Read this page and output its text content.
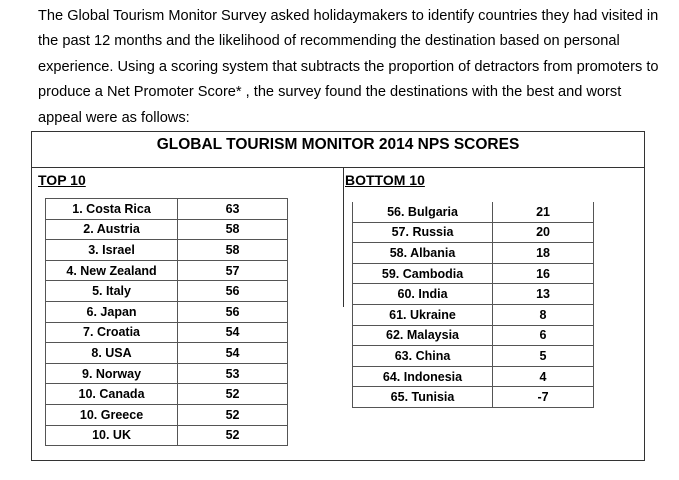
The Global Tourism Monitor Survey asked holidaymakers to identify countries they had visited in the past 12 months and the likelihood of recommending the destination based on personal experience. Using a scoring system that subtracts the proportion of detractors from promoters to produce a Net Promoter Score* , the survey found the destinations with the best and worst appeal were as follows:
GLOBAL TOURISM MONITOR 2014 NPS SCORES
TOP 10	BOTTOM 10
1. Costa Rica	63
2. Austria	58
3. Israel	58
4. New Zealand	57
5. Italy	56
6. Japan	56
7. Croatia	54
8. USA	54
9. Norway	53
10. Canada	52
10. Greece	52
10. UK	52
56. Bulgaria	21
57. Russia	20
58. Albania	18
59. Cambodia	16
60. India	13
61. Ukraine	8
62. Malaysia	6
63. China	5
64. Indonesia	4
65. Tunisia	-7
